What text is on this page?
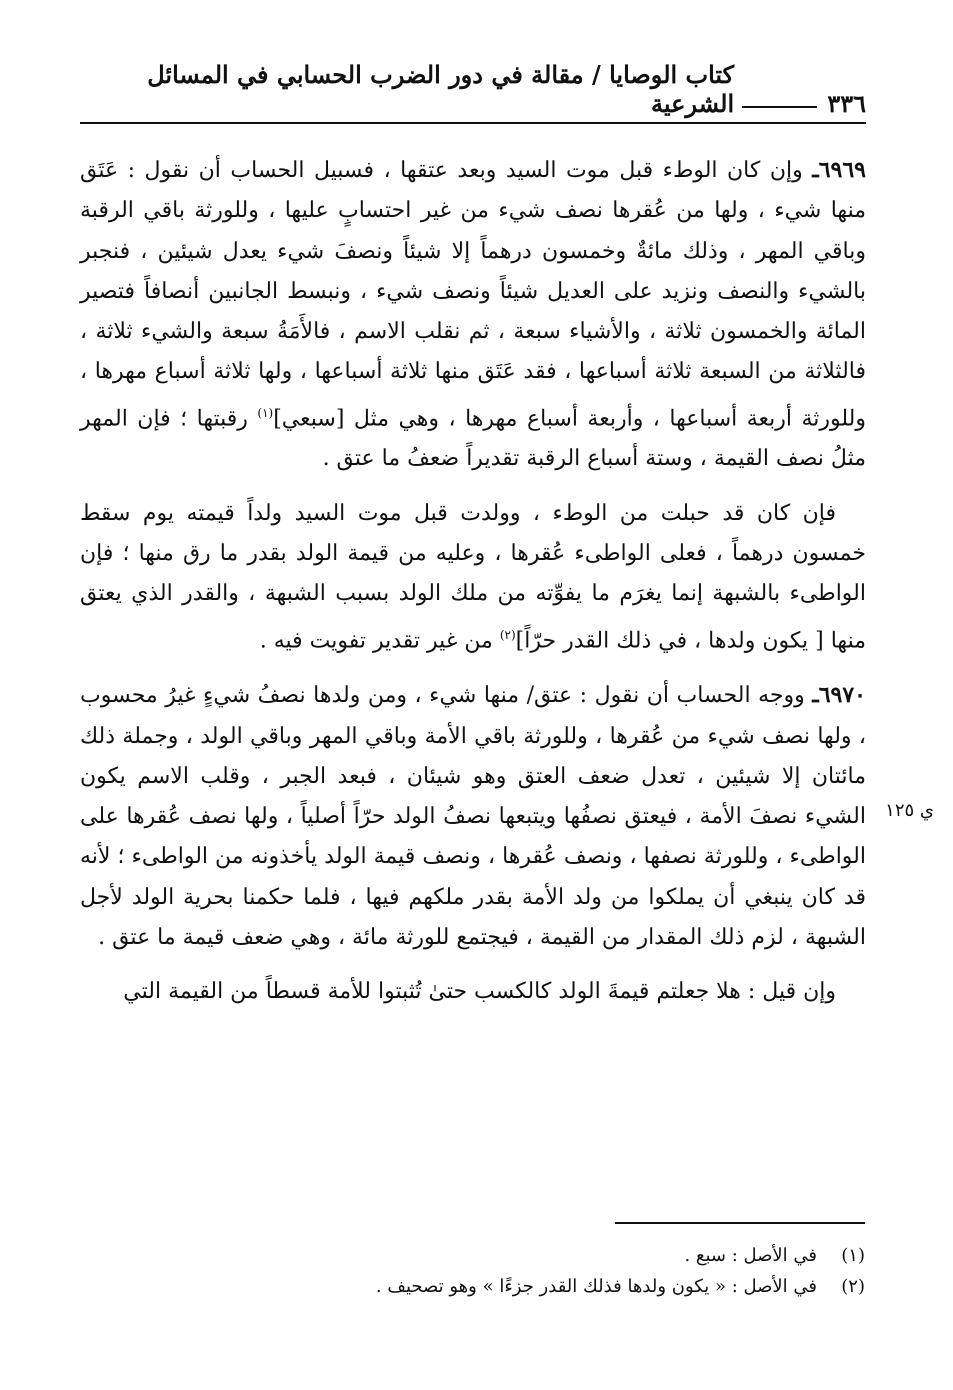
٣٣٦
كتاب الوصايا / مقالة في دور الضرب الحسابي في المسائل الشرعية
ي ١٢٥

٦٩٦٩ـ وإن كان الوطء قبل موت السيد وبعد عتقها ، فسبيل الحساب أن نقول : عَتَق منها شيء ، ولها من عُقرها نصف شيء من غير احتسابٍ عليها ، وللورثة باقي الرقبة وباقي المهر ، وذلك مائةٌ وخمسون درهماً إلا شيئاً ونصفَ شيء يعدل شيئين ، فنجبر بالشيء والنصف ونزيد على العديل شيئاً ونصف شيء ، ونبسط الجانبين أنصافاً فتصير المائة والخمسون ثلاثة ، والأشياء سبعة ، ثم نقلب الاسم ، فالأَمَةُ سبعة والشيء ثلاثة ، فالثلاثة من السبعة ثلاثة أسباعها ، فقد عَتَق منها ثلاثة أسباعها ، ولها ثلاثة أسباع مهرها ، وللورثة أربعة أسباعها ، وأربعة أسباع مهرها ، وهي مثل [سبعي]$^{(١)}$ رقبتها ؛ فإن المهر مثلُ نصف القيمة ، وستة أسباع الرقبة تقديراً ضعفُ ما عتق .

فإن كان قد حبلت من الوطء ، وولدت قبل موت السيد ولداً قيمته يوم سقط خمسون درهماً ، فعلى الواطىء عُقرها ، وعليه من قيمة الولد بقدر ما رق منها ؛ فإن الواطىء بالشبهة إنما يغرَم ما يفوِّته من ملك الولد بسبب الشبهة ، والقدر الذي يعتق منها [ يكون ولدها ، في ذلك القدر حرّاً]$^{(٢)}$ من غير تقدير تفويت فيه .

٦٩٧٠ـ ووجه الحساب أن نقول : عتق/ منها شيء ، ومن ولدها نصفُ شيءٍ غيرُ محسوب ، ولها نصف شيء من عُقرها ، وللورثة باقي الأمة وباقي المهر وباقي الولد ، وجملة ذلك مائتان إلا شيئين ، تعدل ضعف العتق وهو شيئان ، فبعد الجبر ، وقلب الاسم يكون الشيء نصفَ الأمة ، فيعتق نصفُها ويتبعها نصفُ الولد حرّاً أصلياً ، ولها نصف عُقرها على الواطىء ، وللورثة نصفها ، ونصف عُقرها ، ونصف قيمة الولد يأخذونه من الواطىء ؛ لأنه قد كان ينبغي أن يملكوا من ولد الأمة بقدر ملكهم فيها ، فلما حكمنا بحرية الولد لأجل الشبهة ، لزم ذلك المقدار من القيمة ، فيجتمع للورثة مائة ، وهي ضعف قيمة ما عتق .

وإن قيل : هلا جعلتم قيمةَ الولد كالكسب حتىٰ تُثبتوا للأمة قسطاً من القيمة التي

(١)
في الأصل : سبع .
(٢)
في الأصل : « يكون ولدها فذلك القدر جزءًا » وهو تصحيف .
